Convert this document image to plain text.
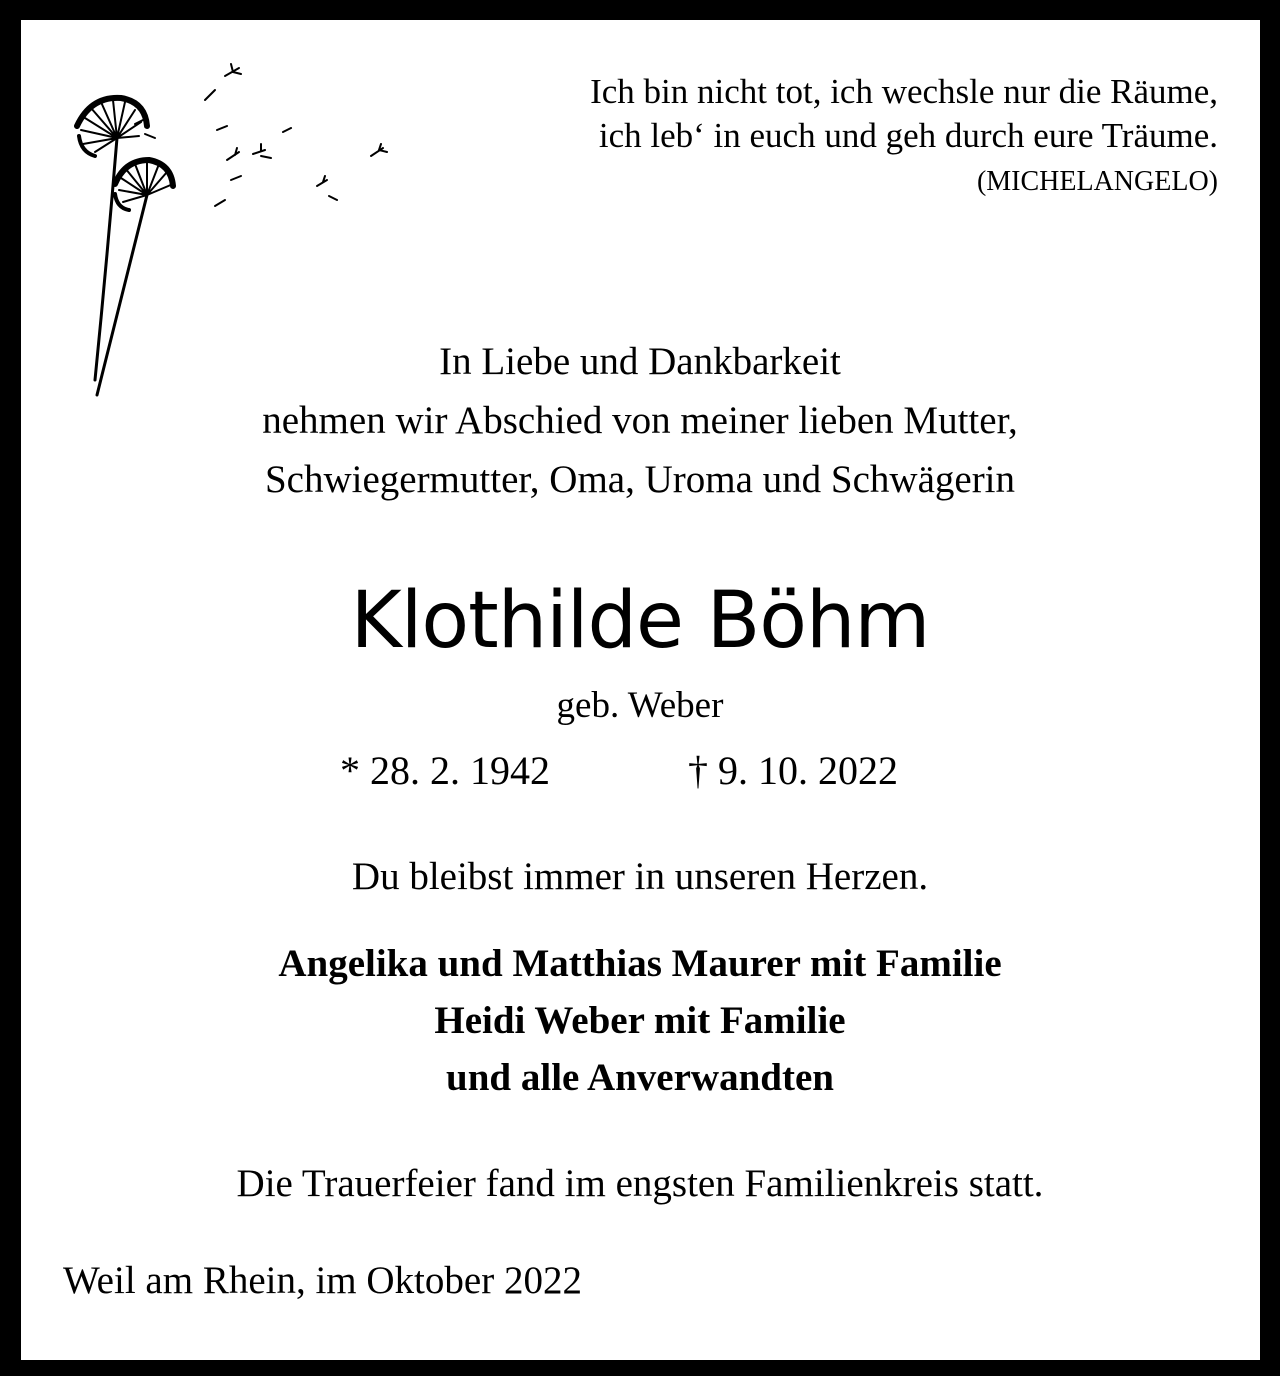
Ich bin nicht tot, ich wechsle nur die Räume,
ich leb‘ in euch und geh durch eure Träume.
(MICHELANGELO)
In Liebe und Dankbarkeit
nehmen wir Abschied von meiner lieben Mutter,
Schwiegermutter, Oma, Uroma und Schwägerin
Klothilde Böhm
geb. Weber
* 28. 2. 1942	† 9. 10. 2022
Du bleibst immer in unseren Herzen.
Angelika und Matthias Maurer mit Familie
Heidi Weber mit Familie
und alle Anverwandten
Die Trauerfeier fand im engsten Familienkreis statt.
Weil am Rhein, im Oktober 2022
